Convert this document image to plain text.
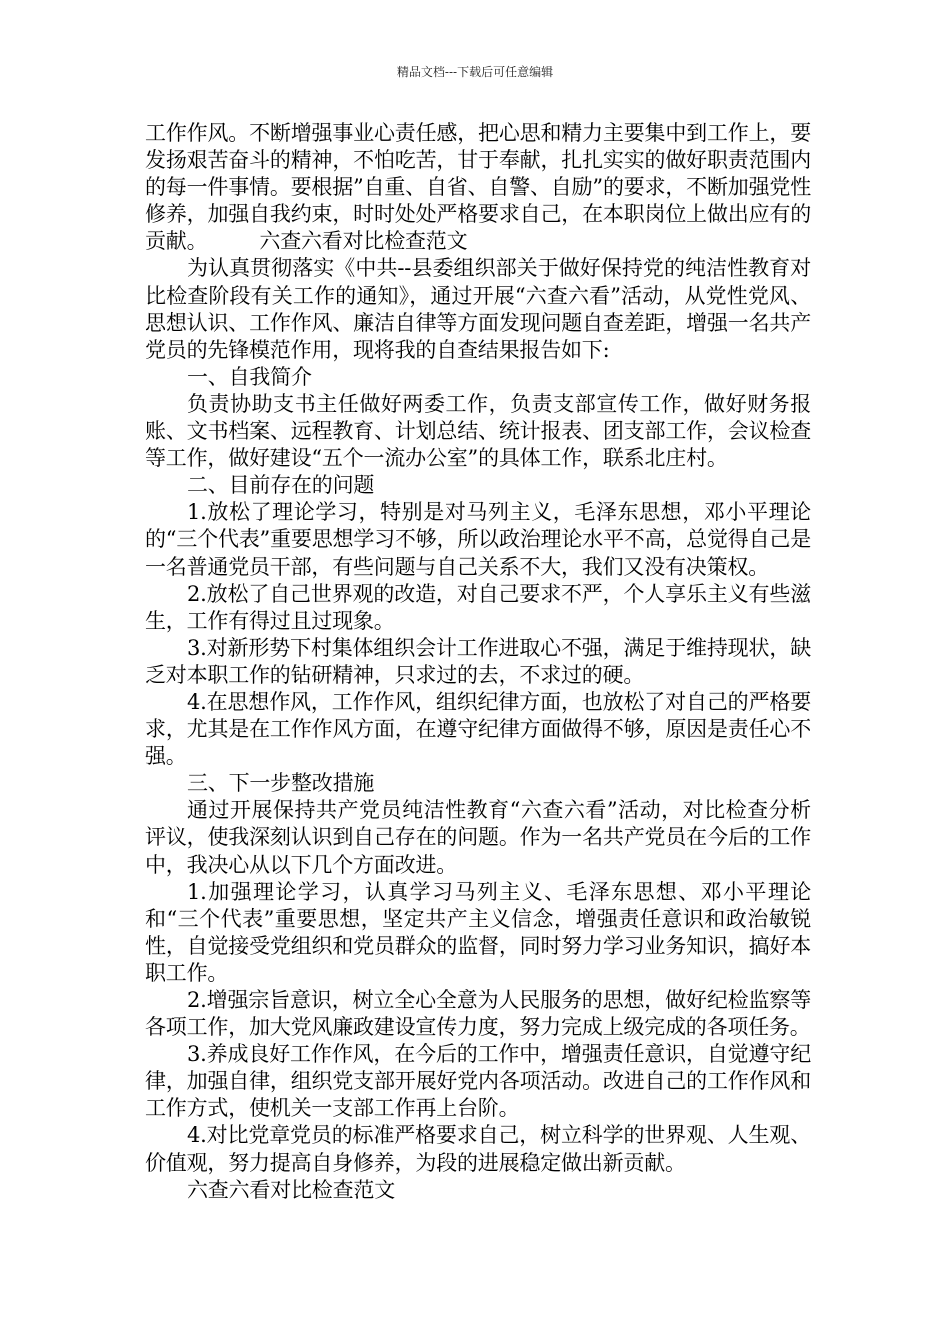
精品文档---下载后可任意编辑

工作作风。不断增强事业心责任感，把心思和精力主要集中到工作上，要发扬艰苦奋斗的精神，不怕吃苦，甘于奉献，扎扎实实的做好职责范围内的每一件事情。要根据”自重、自省、自警、自励”的要求，不断加强党性修养，加强自我约束，时时处处严格要求自己，在本职岗位上做出应有的贡献。 六查六看对比检查范文

为认真贯彻落实《中共--县委组织部关于做好保持党的纯洁性教育对比检查阶段有关工作的通知》，通过开展“六查六看”活动，从党性党风、思想认识、工作作风、廉洁自律等方面发现问题自查差距，增强一名共产党员的先锋模范作用，现将我的自查结果报告如下:

一、自我简介

负责协助支书主任做好两委工作，负责支部宣传工作，做好财务报账、文书档案、远程教育、计划总结、统计报表、团支部工作，会议检查等工作，做好建设“五个一流办公室”的具体工作，联系北庄村。

二、目前存在的问题

1.放松了理论学习，特别是对马列主义，毛泽东思想，邓小平理论的“三个代表”重要思想学习不够，所以政治理论水平不高，总觉得自己是一名普通党员干部，有些问题与自己关系不大，我们又没有决策权。

2.放松了自己世界观的改造，对自己要求不严，个人享乐主义有些滋生，工作有得过且过现象。

3.对新形势下村集体组织会计工作进取心不强，满足于维持现状，缺乏对本职工作的钻研精神，只求过的去，不求过的硬。

4.在思想作风，工作作风，组织纪律方面，也放松了对自己的严格要求，尤其是在工作作风方面，在遵守纪律方面做得不够，原因是责任心不强。

三、下一步整改措施

通过开展保持共产党员纯洁性教育“六查六看”活动，对比检查分析评议，使我深刻认识到自己存在的问题。作为一名共产党员在今后的工作中，我决心从以下几个方面改进。

1.加强理论学习，认真学习马列主义、毛泽东思想、邓小平理论和“三个代表”重要思想，坚定共产主义信念，增强责任意识和政治敏锐性，自觉接受党组织和党员群众的监督，同时努力学习业务知识，搞好本职工作。

2.增强宗旨意识，树立全心全意为人民服务的思想，做好纪检监察等各项工作，加大党风廉政建设宣传力度，努力完成上级完成的各项任务。

3.养成良好工作作风，在今后的工作中，增强责任意识，自觉遵守纪律，加强自律，组织党支部开展好党内各项活动。改进自己的工作作风和工作方式，使机关一支部工作再上台阶。

4.对比党章党员的标准严格要求自己，树立科学的世界观、人生观、价值观，努力提高自身修养，为段的进展稳定做出新贡献。

六查六看对比检查范文
